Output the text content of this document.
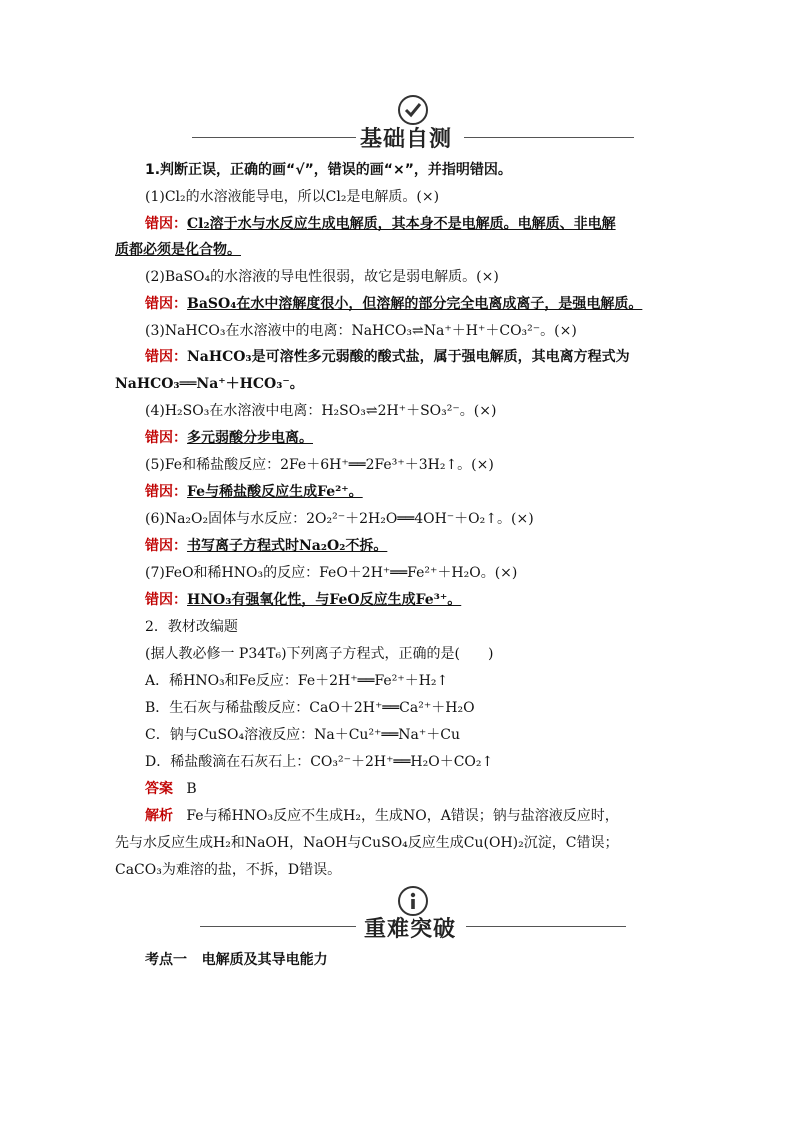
基础自测
1.判断正误，正确的画“√”，错误的画“×”，并指明错因。
(1)Cl₂的水溶液能导电，所以Cl₂是电解质。(×)
错因：Cl₂溶于水与水反应生成电解质，其本身不是电解质。电解质、非电解
质都必须是化合物。
(2)BaSO₄的水溶液的导电性很弱，故它是弱电解质。(×)
错因：BaSO₄在水中溶解度很小，但溶解的部分完全电离成离子，是强电解质。
(3)NaHCO₃在水溶液中的电离：NaHCO₃⇌Na⁺＋H⁺＋CO₃²⁻。(×)
错因：NaHCO₃是可溶性多元弱酸的酸式盐，属于强电解质，其电离方程式为
NaHCO₃══Na⁺＋HCO₃⁻。
(4)H₂SO₃在水溶液中电离：H₂SO₃⇌2H⁺＋SO₃²⁻。(×)
错因：多元弱酸分步电离。
(5)Fe和稀盐酸反应：2Fe＋6H⁺══2Fe³⁺＋3H₂↑。(×)
错因：Fe与稀盐酸反应生成Fe²⁺。
(6)Na₂O₂固体与水反应：2O₂²⁻＋2H₂O══4OH⁻＋O₂↑。(×)
错因：书写离子方程式时Na₂O₂不拆。
(7)FeO和稀HNO₃的反应：FeO＋2H⁺══Fe²⁺＋H₂O。(×)
错因：HNO₃有强氧化性，与FeO反应生成Fe³⁺。
2．教材改编题
(据人教必修一 P34T₆)下列离子方程式，正确的是(　　)
A．稀HNO₃和Fe反应：Fe＋2H⁺══Fe²⁺＋H₂↑
B．生石灰与稀盐酸反应：CaO＋2H⁺══Ca²⁺＋H₂O
C．钠与CuSO₄溶液反应：Na＋Cu²⁺══Na⁺＋Cu
D．稀盐酸滴在石灰石上：CO₃²⁻＋2H⁺══H₂O＋CO₂↑
答案 B
解析 Fe与稀HNO₃反应不生成H₂，生成NO，A错误；钠与盐溶液反应时，
先与水反应生成H₂和NaOH，NaOH与CuSO₄反应生成Cu(OH)₂沉淀，C错误；
CaCO₃为难溶的盐，不拆，D错误。
重难突破
考点一 电解质及其导电能力
